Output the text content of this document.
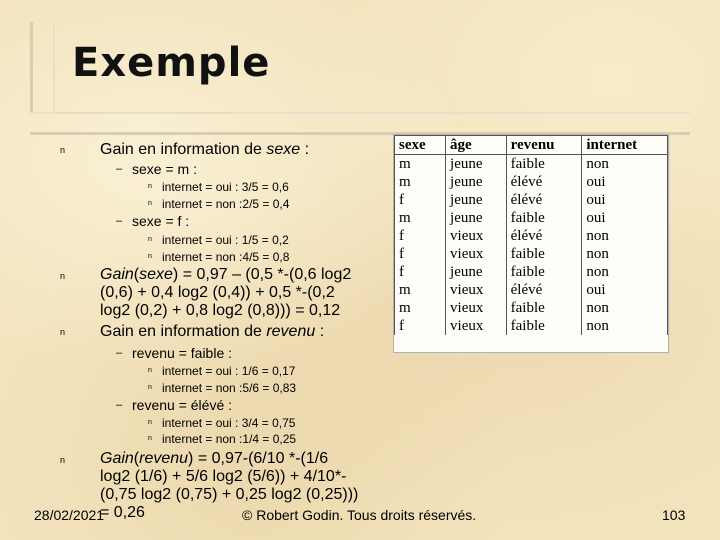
Exemple
n Gain en information de sexe :
– sexe = m :
n internet = oui : 3/5 = 0,6
n internet = non :2/5 = 0,4
– sexe = f :
n internet = oui : 1/5 = 0,2
n internet = non :4/5 = 0,8
n Gain(sexe) = 0,97 – (0,5 *-(0,6 log2
(0,6) + 0,4 log2 (0,4)) + 0,5 *-(0,2
log2 (0,2) + 0,8 log2 (0,8))) = 0,12
n Gain en information de revenu :
– revenu = faible :
n internet = oui : 1/6 = 0,17
n internet = non :5/6 = 0,83
– revenu = élévé :
n internet = oui : 3/4 = 0,75
n internet = non :1/4 = 0,25
n Gain(revenu) = 0,97-(6/10 *-(1/6
log2 (1/6) + 5/6 log2 (5/6)) + 4/10*-
(0,75 log2 (0,75) + 0,25 log2 (0,25)))
= 0,26
sexe	âge	revenu	internet
m	jeune	faible	non
m	jeune	élévé	oui
f	jeune	élévé	oui
m	jeune	faible	oui
f	vieux	élévé	non
f	vieux	faible	non
f	jeune	faible	non
m	vieux	élévé	oui
m	vieux	faible	non
f	vieux	faible	non
28/02/2021	© Robert Godin. Tous droits réservés.	103
